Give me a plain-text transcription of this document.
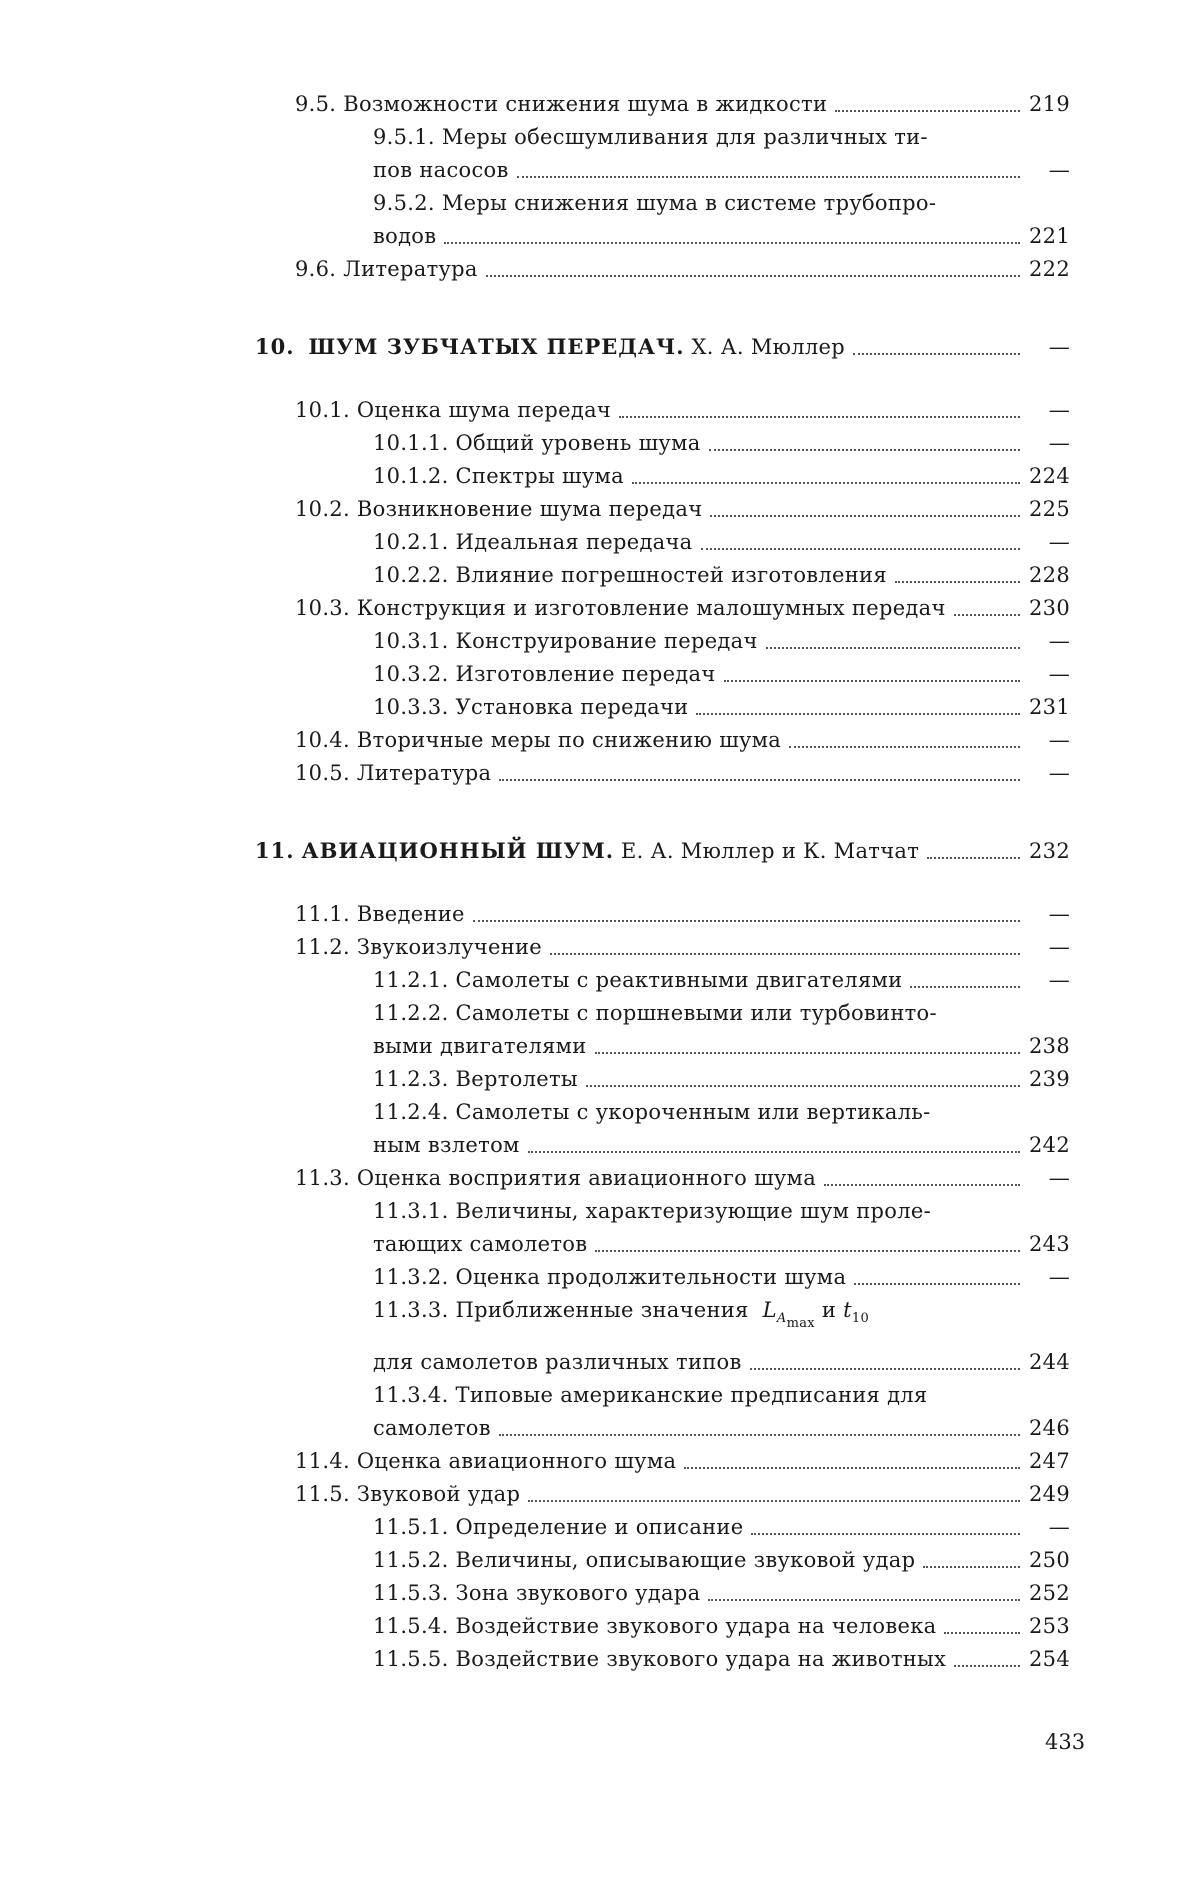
9.5. Возможности снижения шума в жидкости	219
9.5.1. Меры обесшумливания для различных ти-
пов насосов	—
9.5.2. Меры снижения шума в системе трубопро-
водов	221
9.6. Литература	222
10. ШУМ ЗУБЧАТЫХ ПЕРЕДАЧ. Х. А. Мюллер	—
10.1. Оценка шума передач	—
10.1.1. Общий уровень шума	—
10.1.2. Спектры шума	224
10.2. Возникновение шума передач	225
10.2.1. Идеальная передача	—
10.2.2. Влияние погрешностей изготовления	228
10.3. Конструкция и изготовление малошумных передач	230
10.3.1. Конструирование передач	—
10.3.2. Изготовление передач	—
10.3.3. Установка передачи	231
10.4. Вторичные меры по снижению шума	—
10.5. Литература	—
11. АВИАЦИОННЫЙ ШУМ. Е. А. Мюллер и К. Матчат	232
11.1. Введение	—
11.2. Звукоизлучение	—
11.2.1. Самолеты с реактивными двигателями	—
11.2.2. Самолеты с поршневыми или турбовинто-
выми двигателями	238
11.2.3. Вертолеты	239
11.2.4. Самолеты с укороченным или вертикаль-
ным взлетом	242
11.3. Оценка восприятия авиационного шума	—
11.3.1. Величины, характеризующие шум проле-
тающих самолетов	243
11.3.2. Оценка продолжительности шума	—
11.3.3. Приближенные значения LAmax и t10
для самолетов различных типов	244
11.3.4. Типовые американские предписания для
самолетов	246
11.4. Оценка авиационного шума	247
11.5. Звуковой удар	249
11.5.1. Определение и описание	—
11.5.2. Величины, описывающие звуковой удар	250
11.5.3. Зона звукового удара	252
11.5.4. Воздействие звукового удара на человека	253
11.5.5. Воздействие звукового удара на животных	254
433
